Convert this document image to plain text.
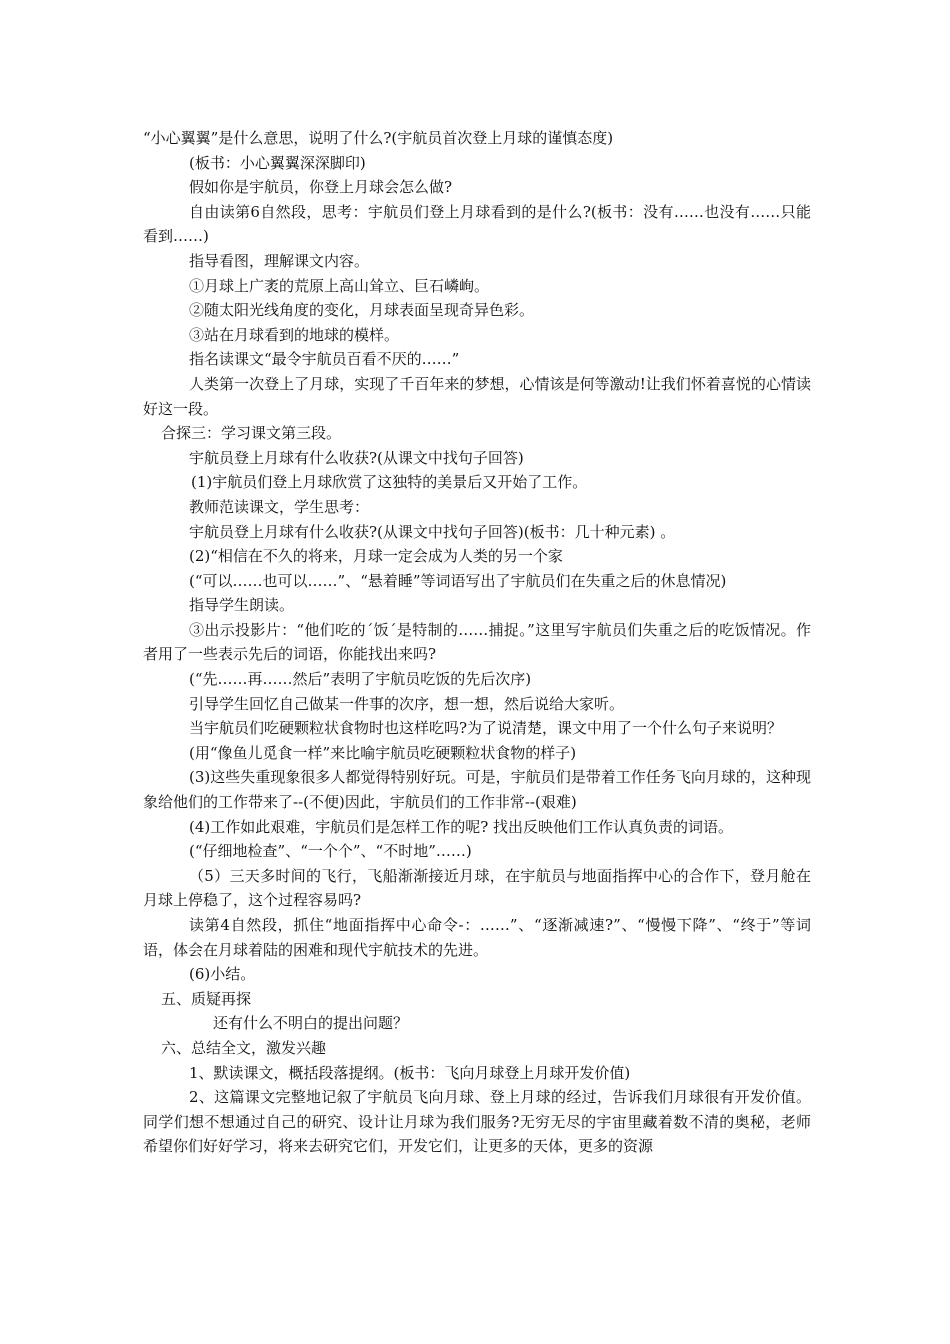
“小心翼翼”是什么意思，说明了什么?(宇航员首次登上月球的谨慎态度)

(板书：小心翼翼深深脚印)

假如你是宇航员，你登上月球会怎么做?

自由读第6自然段，思考：宇航员们登上月球看到的是什么?(板书：没有……也没有……只能看到……)

指导看图，理解课文内容。

①月球上广袤的荒原上高山耸立、巨石嶙峋。

②随太阳光线角度的变化，月球表面呈现奇异色彩。

③站在月球看到的地球的模样。

指名读课文“最令宇航员百看不厌的……”

人类第一次登上了月球，实现了千百年来的梦想，心情该是何等激动!让我们怀着喜悦的心情读好这一段。

合探三：学习课文第三段。

宇航员登上月球有什么收获?(从课文中找句子回答)

(1)宇航员们登上月球欣赏了这独特的美景后又开始了工作。

教师范读课文，学生思考：

宇航员登上月球有什么收获?(从课文中找句子回答)(板书：几十种元素) 。

(2)“相信在不久的将来，月球一定会成为人类的另一个家

(“可以……也可以……”、“悬着睡”等词语写出了宇航员们在失重之后的休息情况)

指导学生朗读。

③出示投影片：“他们吃的´饭´是特制的……捕捉。”这里写宇航员们失重之后的吃饭情况。作者用了一些表示先后的词语，你能找出来吗?

(“先……再……然后”表明了宇航员吃饭的先后次序)

引导学生回忆自己做某一件事的次序，想一想，然后说给大家听。

当宇航员们吃硬颗粒状食物时也这样吃吗?为了说清楚，课文中用了一个什么句子来说明？

(用“像鱼儿觅食一样”来比喻宇航员吃硬颗粒状食物的样子)

(3)这些失重现象很多人都觉得特别好玩。可是，宇航员们是带着工作任务飞向月球的，这种现象给他们的工作带来了--(不便)因此，宇航员们的工作非常--(艰难)

(4)工作如此艰难，宇航员们是怎样工作的呢? 找出反映他们工作认真负责的词语。

(“仔细地检查”、“一个个”、“不时地”……)

（5）三天多时间的飞行，飞船渐渐接近月球，在宇航员与地面指挥中心的合作下，登月舱在月球上停稳了，这个过程容易吗?

读第4自然段，抓住“地面指挥中心命令-：……”、“逐渐减速?”、“慢慢下降”、“终于”等词语，体会在月球着陆的困难和现代宇航技术的先进。

(6)小结。

五、质疑再探

还有什么不明白的提出问题？

六、总结全文，激发兴趣

1、默读课文，概括段落提纲。(板书：飞向月球登上月球开发价值)

2、这篇课文完整地记叙了宇航员飞向月球、登上月球的经过，告诉我们月球很有开发价值。同学们想不想通过自己的研究、设计让月球为我们服务?无穷无尽的宇宙里藏着数不清的奥秘，老师希望你们好好学习，将来去研究它们，开发它们，让更多的天体，更多的资源
